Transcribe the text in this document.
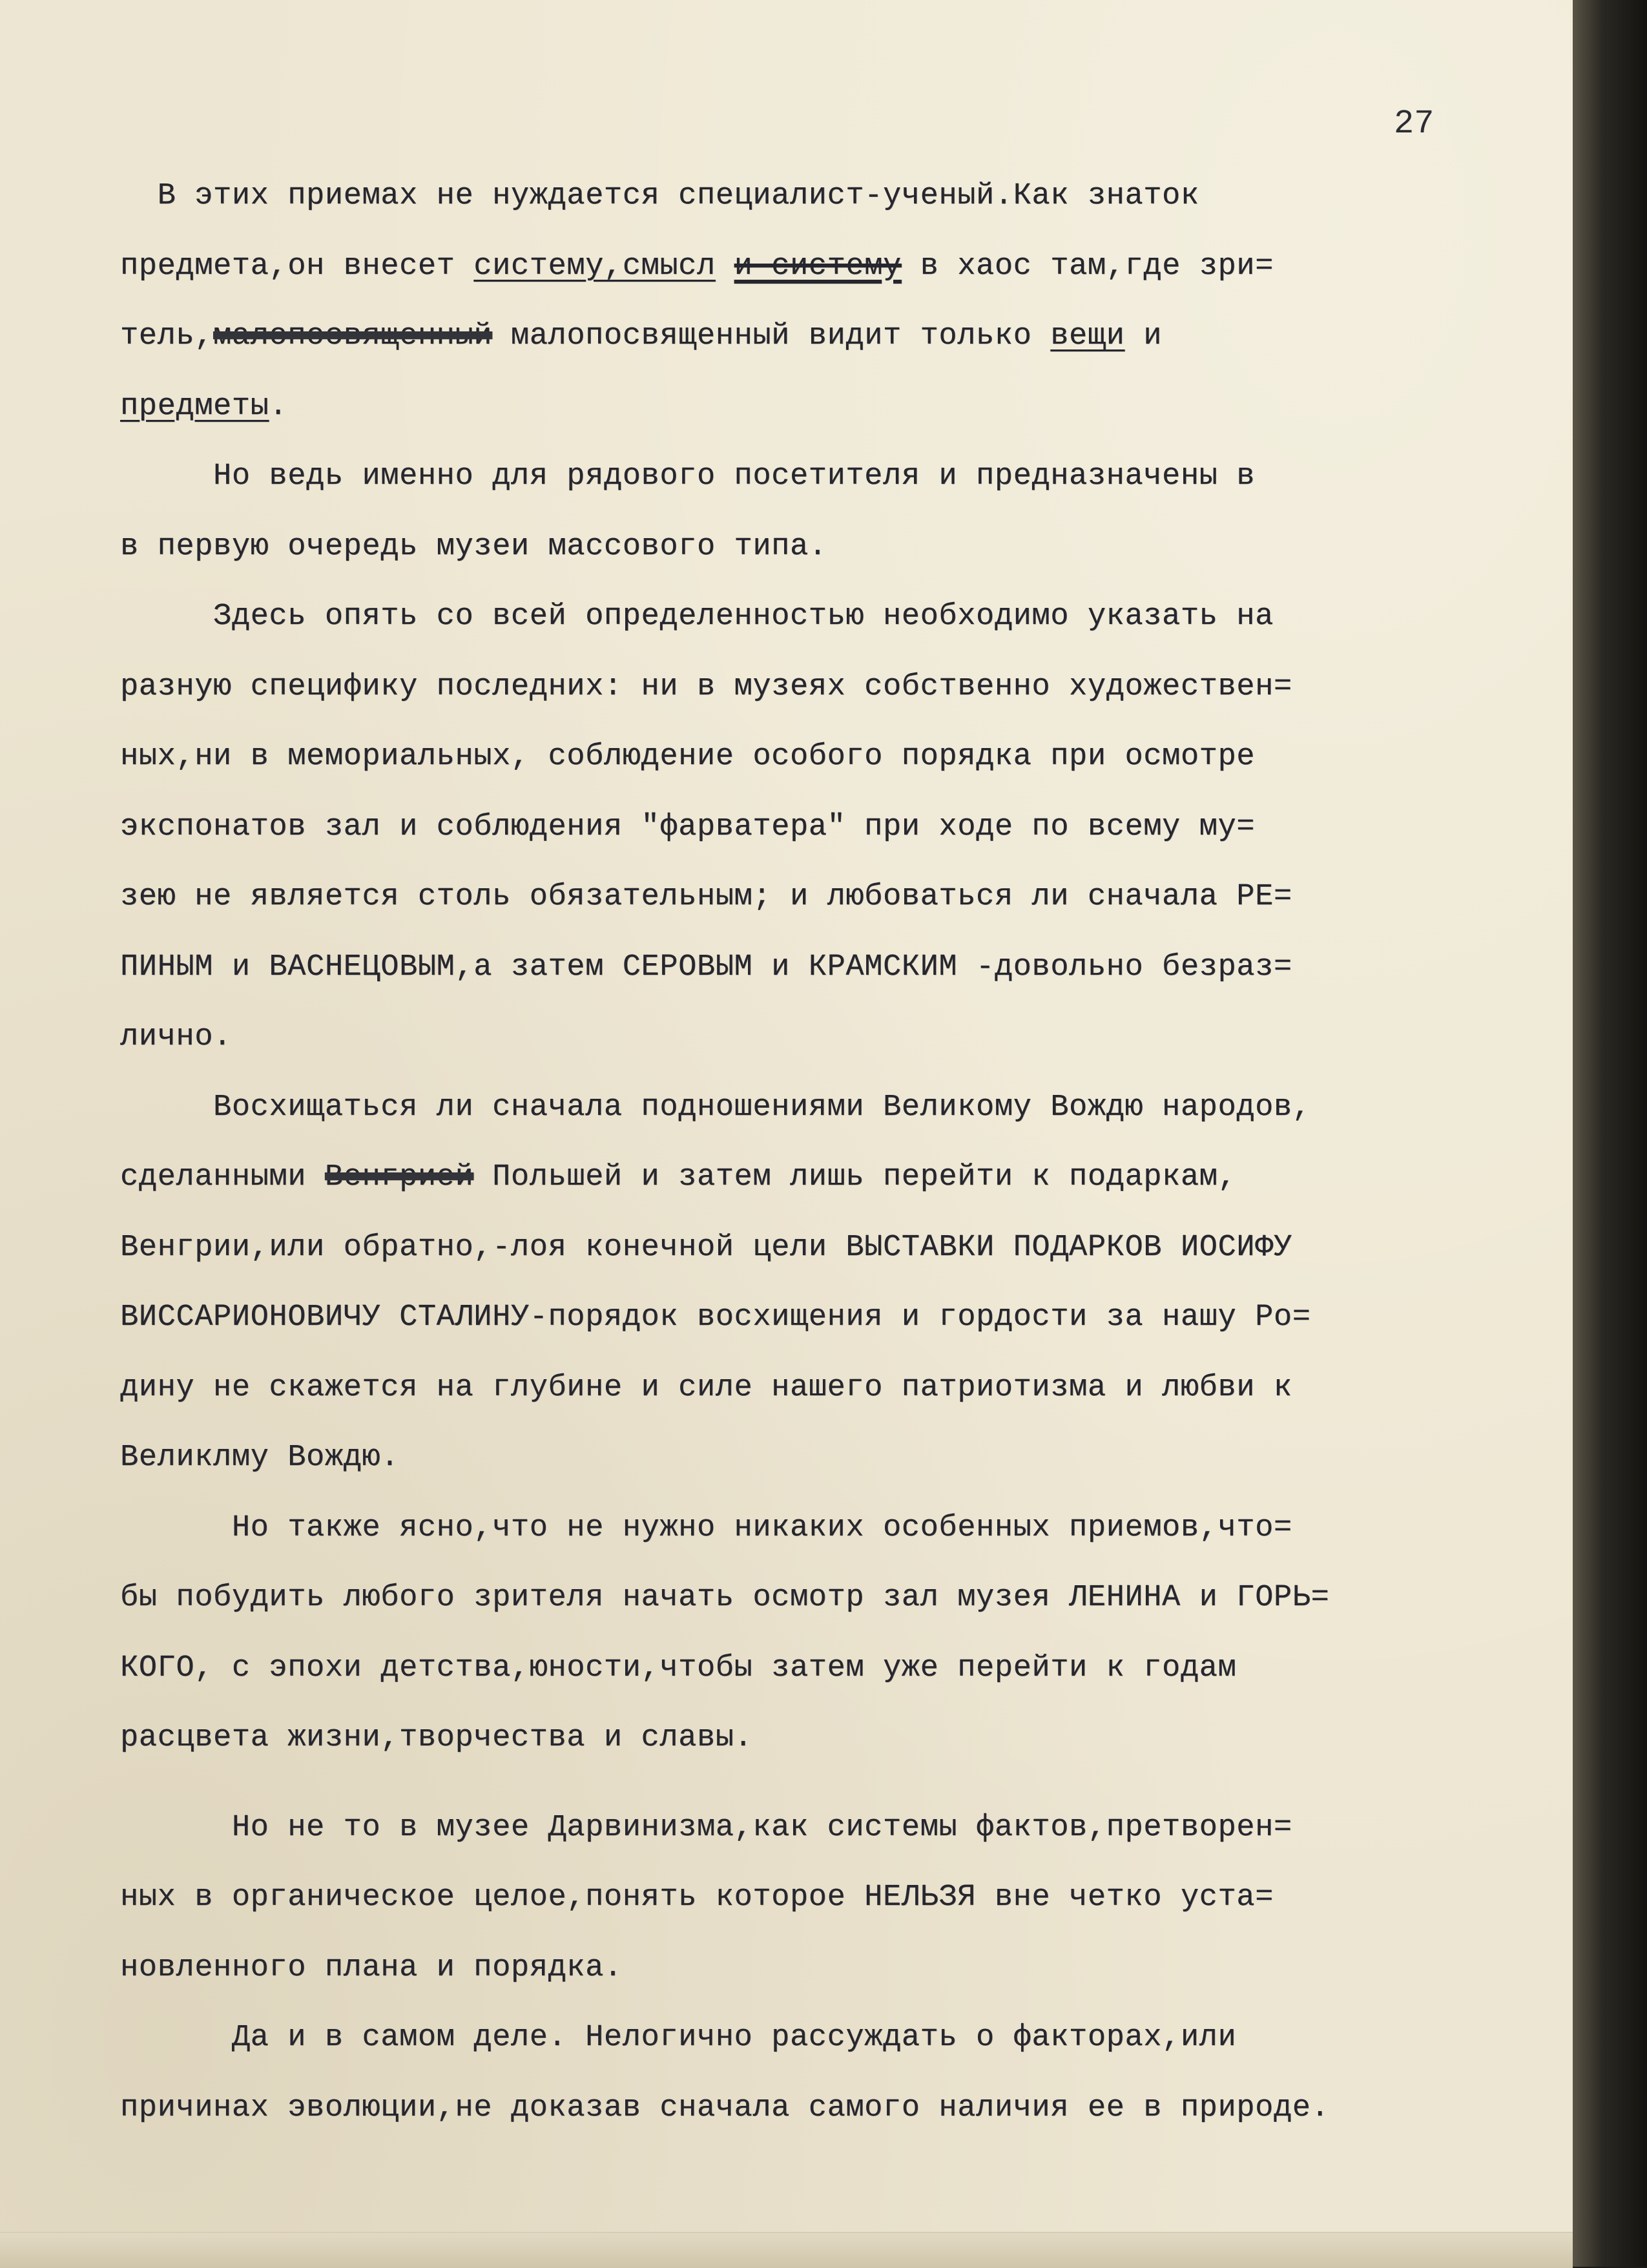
27

В этих приемах не нуждается специалист-ученый.Как знаток
предмета,он внесет систему,смысл и систему в хаос там,где зри=
тель,малопосвященный малопосвященный видит только вещи и
предметы.
Но ведь именно для рядового посетителя и предназначены в
в первую очередь музеи массового типа.
Здесь опять со всей определенностью необходимо указать на
разную специфику последних: ни в музеях собственно художествен=
ных,ни в мемориальных, соблюдение особого порядка при осмотре
экспонатов зал и соблюдения "фарватера" при ходе по всему му=
зею не является столь обязательным; и любоваться ли сначала РЕ=
ПИНЫМ и ВАСНЕЦОВЫМ,а затем СЕРОВЫМ и КРАМСКИМ -довольно безраз=
лично.
Восхищаться ли сначала подношениями Великому Вождю народов,
сделанными Венгрией Польшей и затем лишь перейти к подаркам,
Венгрии,или обратно,-лоя конечной цели ВЫСТАВКИ ПОДАРКОВ ИОСИФУ
ВИССАРИОНОВИЧУ СТАЛИНУ-порядок восхищения и гордости за нашу Ро=
дину не скажется на глубине и силе нашего патриотизма и любви к
Великлму Вождю.
Но также ясно,что не нужно никаких особенных приемов,что=
бы побудить любого зрителя начать осмотр зал музея ЛЕНИНА и ГОРЬ=
КОГО, с эпохи детства,юности,чтобы затем уже перейти к годам
расцвета жизни,творчества и славы.
Но не то в музее Дарвинизма,как системы фактов,претворен=
ных в органическое целое,понять которое НЕЛЬЗЯ вне четко уста=
новленного плана и порядка.
Да и в самом деле. Нелогично рассуждать о факторах,или
причинах эволюции,не доказав сначала самого наличия ее в природе.
